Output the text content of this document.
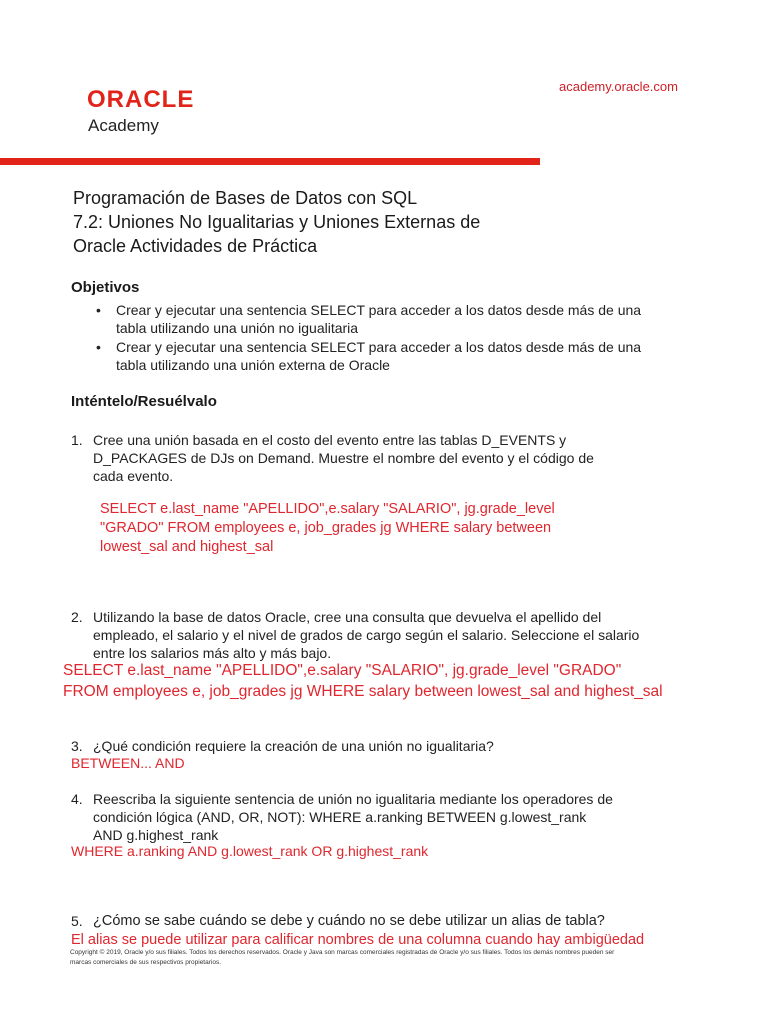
ORACLE
Academy
academy.oracle.com
Programación de Bases de Datos con SQL
7.2: Uniones No Igualitarias y Uniones Externas de
Oracle Actividades de Práctica
Objetivos
• Crear y ejecutar una sentencia SELECT para acceder a los datos desde más de una
tabla utilizando una unión no igualitaria
• Crear y ejecutar una sentencia SELECT para acceder a los datos desde más de una
tabla utilizando una unión externa de Oracle
Inténtelo/Resuélvalo
1. Cree una unión basada en el costo del evento entre las tablas D_EVENTS y
D_PACKAGES de DJs on Demand. Muestre el nombre del evento y el código de
cada evento.
SELECT e.last_name "APELLIDO",e.salary "SALARIO", jg.grade_level
"GRADO" FROM employees e, job_grades jg WHERE salary between
lowest_sal and highest_sal
2. Utilizando la base de datos Oracle, cree una consulta que devuelva el apellido del
empleado, el salario y el nivel de grados de cargo según el salario. Seleccione el salario
entre los salarios más alto y más bajo.
SELECT e.last_name "APELLIDO",e.salary "SALARIO", jg.grade_level "GRADO"
FROM employees e, job_grades jg WHERE salary between lowest_sal and highest_sal
3. ¿Qué condición requiere la creación de una unión no igualitaria?
BETWEEN... AND
4. Reescriba la siguiente sentencia de unión no igualitaria mediante los operadores de
condición lógica (AND, OR, NOT): WHERE a.ranking BETWEEN g.lowest_rank
AND g.highest_rank
WHERE a.ranking AND g.lowest_rank OR g.highest_rank
5. ¿Cómo se sabe cuándo se debe y cuándo no se debe utilizar un alias de tabla?
El alias se puede utilizar para calificar nombres de una columna cuando hay ambigüedad
Copyright © 2019, Oracle y/o sus filiales. Todos los derechos reservados. Oracle y Java son marcas comerciales registradas de Oracle y/o sus filiales. Todos los demás nombres pueden ser
marcas comerciales de sus respectivos propietarios.
